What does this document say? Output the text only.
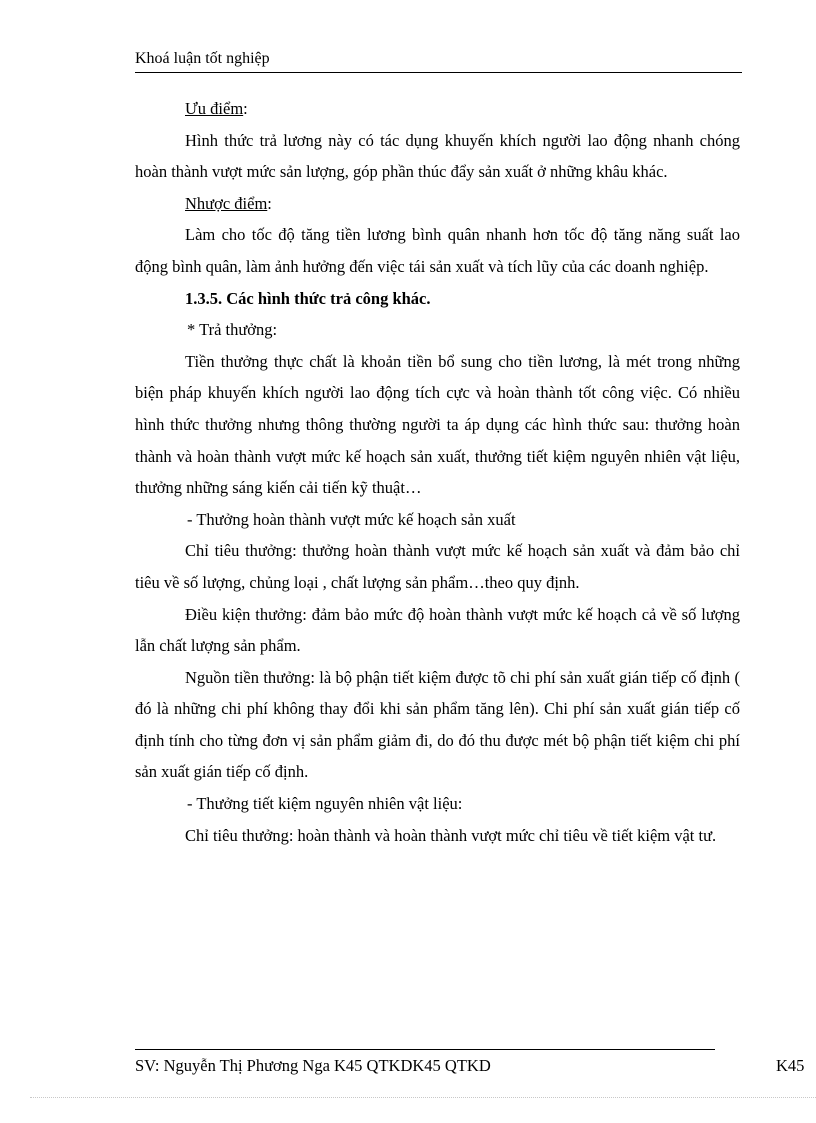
Khoá luận tốt nghiệp

Ưu điểm:

Hình thức trả lương này có tác dụng khuyến khích người lao động nhanh chóng hoàn thành vượt mức sản lượng, góp phần thúc đẩy sản xuất ở những khâu khác.

Nhược điểm:

Làm cho tốc độ tăng tiền lương bình quân nhanh hơn tốc độ tăng năng suất lao động bình quân, làm ảnh hưởng đến việc tái sản xuất và tích lũy của các doanh nghiệp.

1.3.5. Các hình thức trả công khác.

* Trả thưởng:

Tiền thưởng thực chất là khoản tiền bổ sung cho tiền lương, là mét trong những biện pháp khuyến khích người lao động tích cực và hoàn thành tốt công việc. Có nhiều hình thức thưởng nhưng thông thường người ta áp dụng các hình thức sau: thưởng hoàn thành và hoàn thành vượt mức kế hoạch sản xuất, thưởng tiết kiệm nguyên nhiên vật liệu, thưởng những sáng kiến cải tiến kỹ thuật…

- Thưởng hoàn thành vượt mức kế hoạch sản xuất

Chỉ tiêu thưởng: thưởng hoàn thành vượt mức kế hoạch sản xuất và đảm bảo chỉ tiêu về số lượng, chủng loại , chất lượng sản phẩm…theo quy định.

Điều kiện thưởng: đảm bảo mức độ hoàn thành vượt mức kế hoạch cả về số lượng lẫn chất lượng sản phẩm.

Nguồn tiền thưởng: là bộ phận tiết kiệm được tõ chi phí sản xuất gián tiếp cố định ( đó là những chi phí không thay đổi khi sản phẩm tăng lên). Chi phí sản xuất gián tiếp cố định tính cho từng đơn vị sản phẩm giảm đi, do đó thu được mét bộ phận tiết kiệm chi phí sản xuất gián tiếp cố định.

- Thưởng tiết kiệm nguyên nhiên vật liệu:

Chỉ tiêu thưởng: hoàn thành và hoàn thành vượt mức chỉ tiêu về tiết kiệm vật tư.

SV: Nguyễn Thị Phương Nga K45 QTKDK45 QTKD	K45
